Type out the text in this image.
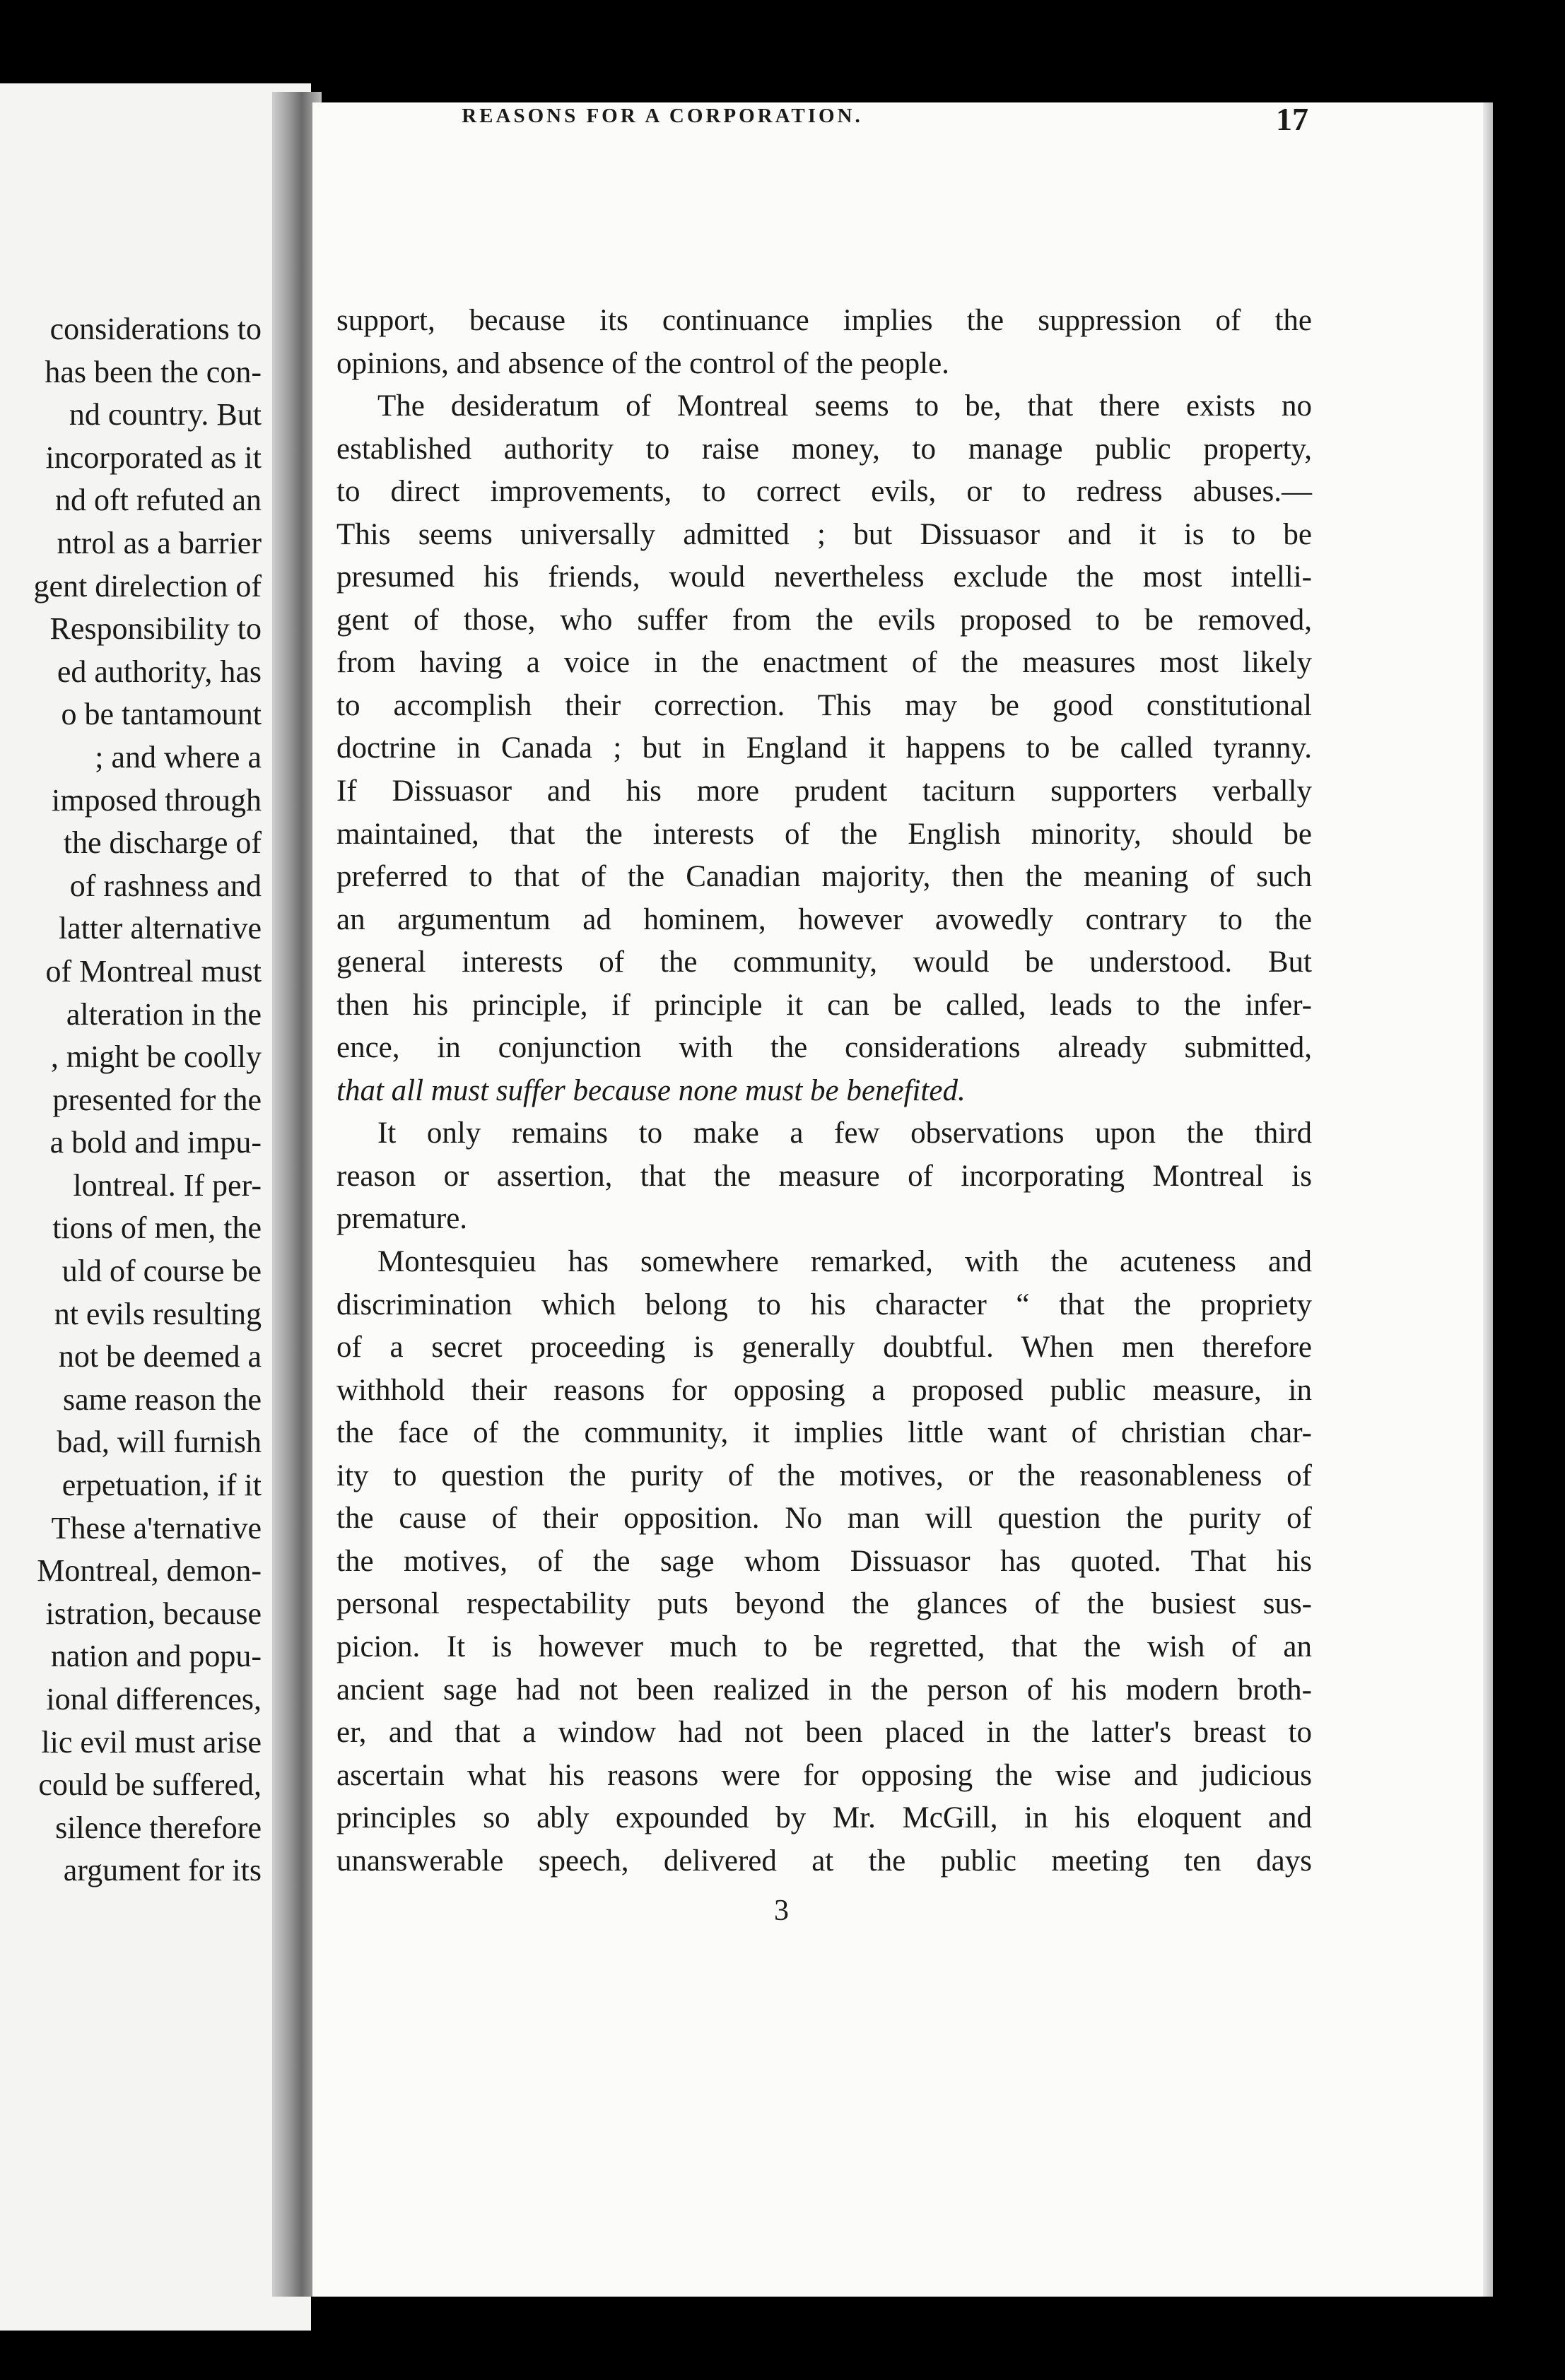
considerations to
has been the con-
nd country. But
incorporated as it
nd oft refuted an
ntrol as a barrier
gent direlection of
Responsibility to
ed authority, has
o be tantamount
; and where a
imposed through
the discharge of
of rashness and
latter alternative
of Montreal must
alteration in the
, might be coolly
presented for the
a bold and impu-
lontreal. If per-
tions of men, the
uld of course be
nt evils resulting
not be deemed a
same reason the
bad, will furnish
erpetuation, if it
These a'ternative
Montreal, demon-
istration, because
nation and popu-
ional differences,
lic evil must arise
could be suffered,
silence therefore
argument for its
REASONS FOR A CORPORATION.	17
support, because its continuance implies the suppression of the
opinions, and absence of the control of the people.
The desideratum of Montreal seems to be, that there exists no
established authority to raise money, to manage public property,
to direct improvements, to correct evils, or to redress abuses.—
This seems universally admitted ; but Dissuasor and it is to be
presumed his friends, would nevertheless exclude the most intelli-
gent of those, who suffer from the evils proposed to be removed,
from having a voice in the enactment of the measures most likely
to accomplish their correction. This may be good constitutional
doctrine in Canada ; but in England it happens to be called tyranny.
If Dissuasor and his more prudent taciturn supporters verbally
maintained, that the interests of the English minority, should be
preferred to that of the Canadian majority, then the meaning of such
an argumentum ad hominem, however avowedly contrary to the
general interests of the community, would be understood. But
then his principle, if principle it can be called, leads to the infer-
ence, in conjunction with the considerations already submitted,
that all must suffer because none must be benefited.
It only remains to make a few observations upon the third
reason or assertion, that the measure of incorporating Montreal is
premature.
Montesquieu has somewhere remarked, with the acuteness and
discrimination which belong to his character “ that the propriety
of a secret proceeding is generally doubtful. When men therefore
withhold their reasons for opposing a proposed public measure, in
the face of the community, it implies little want of christian char-
ity to question the purity of the motives, or the reasonableness of
the cause of their opposition. No man will question the purity of
the motives, of the sage whom Dissuasor has quoted. That his
personal respectability puts beyond the glances of the busiest sus-
picion. It is however much to be regretted, that the wish of an
ancient sage had not been realized in the person of his modern broth-
er, and that a window had not been placed in the latter's breast to
ascertain what his reasons were for opposing the wise and judicious
principles so ably expounded by Mr. McGill, in his eloquent and
unanswerable speech, delivered at the public meeting ten days
3
